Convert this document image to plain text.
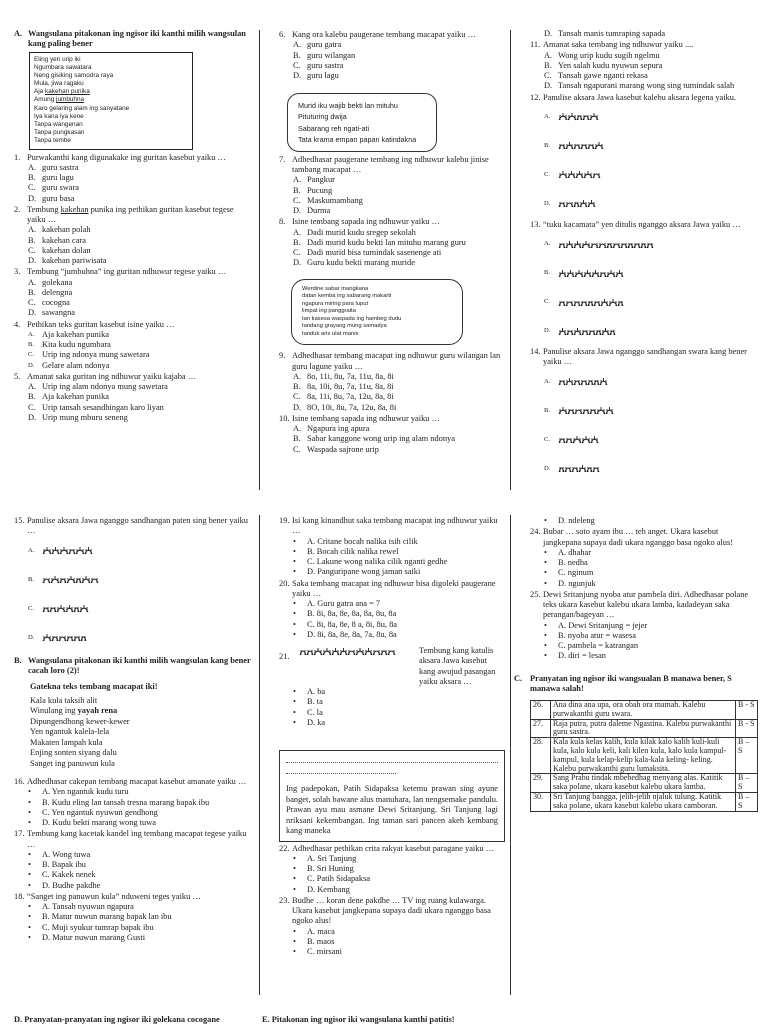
A. Wangsulana pitakonan ing ngisor iki kanthi milih wangsulan kang paling bener
Eling yen urip iki
Ngumbara sawatara
Neng gisiking samodra raya
Mula, jiwa ragaku
Aja kakehan punika
Amung jumbuhna
Karo gelaring alam ing sanyatane
Iya kana iya kene
Tanpa wangenan
Tanpa pungkasan
Tanpa tembe
1. Purwakanthi kang digunakake ing guritan kasebut yaiku …
A. guru sastra
B. guru lagu
C. guru swara
D. guru basa
2. Tembung kakehan punika ing pethikan guritan kasebut tegese yaiku …
A. kakehan polah
B. kakehan cara
C. kakehan dolan
D. kakehan pariwisata
3. Tembung “jumbuhna” ing guritan ndhuwur tegese yaiku …
A. golekana
B. delengna
C. cocogna
D. sawangna
4. Pethikan teks guritan kasebut isine yaiku …
A. Aja kakehan punika
B. Kita kudu ngumbara
C. Urip ing ndonya mung sawetara
D. Gelare alam ndonya
5. Amanat saka guritan ing ndhuwur yaiku kajaba …
A. Urip ing alam ndonya mung sawetara
B. Aja kakehan punika
C. Urip tansah sesandhingan karo liyan
D. Urip mung mburu seneng
6. Kang ora kalebu paugerane tembang macapat yaiku …
A. guru gatra
B. guru wilangan
C. guru sastra
D. guru lagu
Murid iku wajib bekti lan mituhu
Pituturing dwija
Sabarang reh ngati-ati
Tata krama empan papan katindakna
7. Adhedhasar paugerane tembang ing ndhuwur kalebu jinise tambang macapat …
A. Pangkur
B. Pucung
C. Maskumambang
D. Durma
8. Isine tembang sapada ing ndhuwur yaiku …
A. Dadi murid kudu sregep sekolah
B. Dadi murid kudu bekti lan mituhu marang guru
C. Dadi murid bisa tumindak sasenenge ati
D. Guru kudu bekti marang muride
Werdine sabar mangkana
datan kemba ing sabarang makarti
ngapura miring para luput
limpat ing panggraita
tan kasesa waspada ing hambeg dudu
tandang grayang mung samadya
tanduk aris ulat manis
9. Adhedhasar tembang macapat ing ndhuwur guru wilangan lan guru lagune yaiku …
A. 8o, 11i, 8u, 7a, 11u, 8a, 8i
B. 8a, 10i, 8u, 7a, 11u, 8a, 8i
C. 8a, 11i, 8u, 7a, 12u, 8a, 8i
D. 8O, 10i, 8u, 7a, 12u, 8a, 8i
10. Isine tembang sapada ing ndhuwur yaiku …
A. Ngapura ing apura
B. Sabar kanggone wong urip ing alam ndonya
C. Waspada sajrone urip
D. Tansah manis tumraping sapada
11. Amanat saka tembang ing ndhuwur yaiku ....
A. Wong urip kudu sugih ngelmu
B. Yen salah kudu nyuwun sepura
C. Tansah gawe nganti rekasa
D. Tansah ngapurani marang wong sing tumindak salah
12. Panulise aksara Jawa kasebut kalebu aksara legena yaiku.
A.
B.
C.
D.
13. “tuku kacamata” yen ditulis nganggo aksara Jawa yaiku …
A.
B.
C.
D.
14. Panulise aksara Jawa nganggo sandhangan swara kang bener yaiku …
A.
B.
C.
D.
15. Panulise aksara Jawa nganggo sandhangan paten sing bener yaiku …
A.
B.
C.
D.
B. Wangsulana pitakonan iki kanthi milih wangsulan kang bener cacah loro (2)!
Gatekna teks tembang macapat iki!
Kala kula taksih alit
Winulang ing yayah rena
Dipungendhong kewer-kewer
Yen ngantuk kalela-lela
Makaten lampah kula
Enjing sonten siyang dalu
Sanget ing panuwun kula
16. Adhedhasar cakepan tembang macapat kasebut amanate yaiku …
•	A. Yen ngantuk kudu turu
•	B. Kudu eling lan tansah tresna marang bapak ibu
•	C. Yen ngantuk nyuwun gendhong
•	D. Kudu bekti marang wong tuwa
17. Tembung kang kacetak kandel ing tembang macapat tegese yaiku …
•	A. Wong tuwa
•	B. Bapak ibu
•	C. Kakek nenek
•	D. Budhe pakdhe
18. “Sanget ing panuwun kula” nduweni teges yaiku …
•	A. Tansah nyuwun ngapura
•	B. Matur nuwun marang bapak lan ibu
•	C. Muji syukur tumrap bapak ibu
•	D. Matur nuwun marang Gusti
19. Isi kang kinandhut saka tembang macapat ing ndhuwur yaiku …
•	A. Critane bocah nalika isih cilik
•	B. Bocah cilik nalika rewel
•	C. Lakune wong nalika cilik nganti gedhe
•	D. Panguripane wong jaman saiki
20. Saka tembang macapat ing ndhuwur bisa digoleki paugerane yaiku …
•	A. Guru gatra ana = 7
•	B. 8i, 8a, 8e, 8a, 8a, 8u, 8a
•	C. 8i, 8a, 8e, 8 a, 8i, 8u, 8a
•	D. 8i, 8a, 8e, 8a, 7a, 8u, 8a
21.
Tembung kang katulis aksara Jawa kasebut kang awujud pasangan yaiku aksara …
•	A. ba
•	B. ta
•	C. la
•	D. ka
Ing padepokan, Patih Sidapaksa ketemu prawan sing ayune banget, solah bawane alus manuhara, lan nengsemake pandulu. Prawan ayu mau asmane Dewi Sritanjung. Sri Tanjung lagi nriksani kekembangan. Ing taman sari pancen akeh kembang kang maneka
22. Adhedhasar pethikan crita rakyat kasebut paragane yaiku …
•	A. Sri Tanjung
•	B. Sri Huning
•	C. Patih Sidapaksa
•	D. Kembang
23. Budhe … koran dene pakdhe … TV ing ruang kulawarga. Ukara kasebut jangkepana supaya dadi ukara nganggo basa ngoko alus!
•	A. maca
•	B. maos
•	C. mirsani
•	D. ndeleng
24. Bubar … soto ayam ibu … teh anget. Ukara kasebut jangkepana supaya dadi ukara nganggo basa ngoko alus!
•	A. dhahar
•	B. nedha
•	C. nginum
•	D. ngunjuk
25. Dewi Sritanjung nyoba atur pambela diri. Adhedhasar polane teks ukara kasebut kalebu ukara lamba, kadadeyan saka perangan/bageyan …
•	A. Dewi Sritanjung = jejer
•	B. nyoba atur = wasesa
•	C. pambela = katrangan
•	D. diri = lesan
C. Pranyatan ing ngisor iki wangsualan B manawa bener, S manawa salah!
26.	Ana dina ana upa, ora obah ora mamah. Kalebu purwakanthi guru swara.	B - S
27.	Raja putra, putra daleme Ngastina. Kalebu purwakanthi guru sastra.	B - S
28.	Kala kula kelas kalih, kula kilak kalo kalih kuli-kuli kula, kalo kula keli, kali kilen kula, kalo kula kampul-kampul, kula kelap-kelip kala-kala keling- keling. Kalebu purwakanthi guru lumaksita.	B – S
29.	Sang Prabu tindak mbebedhag menyang alas. Katitik saka polane, ukara kasebut kalebu ukara lamba.	B – S
30.	Sri Tanjung bangga, jelih-jelih njaluk tulung. Katitik saka polane, ukara kasebut kalebu ukara camboran.	B – S
D. Pranyatan-pranyatan ing ngisor iki golekana cocogane	E. Pitakonan ing ngisor iki wangsulana kanthi patitis!
